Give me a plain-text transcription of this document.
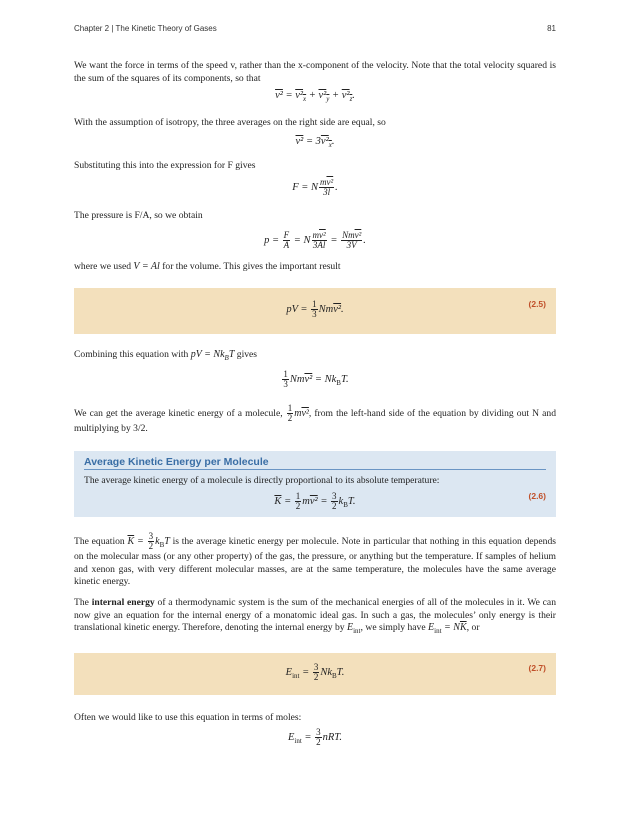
Chapter 2 | The Kinetic Theory of Gases	81

We want the force in terms of the speed v, rather than the x-component of the velocity. Note that the total velocity squared is the sum of the squares of its components, so that

$v^2 = v^2_x + v^2_y + v^2_z$.

With the assumption of isotropy, the three averages on the right side are equal, so

$v^2 = 3v^2_x$.

Substituting this into the expression for F gives

F = N $\frac{\text{mv²}}{3l}$ .

The pressure is F/A, so we obtain

$p = \frac{F}{A} = N \frac{\text{mv²}}{3Al} = Nmv^2$
3V .

where we used V = Al for the volume. This gives the important result

pV = $\frac{1}{3} Nmv^2$.	(2.5)

Combining this equation with pV = $Nk_BT$ gives

$\frac{1}{3} Nmv^2 = Nk_BT$.

We can get the average kinetic energy of a molecule, $\frac{1}{2} mv^2$, from the left-hand side of the equation by dividing out N and multiplying by 3/2.

Average Kinetic Energy per Molecule

The average kinetic energy of a molecule is directly proportional to its absolute temperature:

$\overline{K} = \frac{1}{2} mv^2 = \frac{3}{2} k_BT$.	(2.6)

The equation $\overline{K} = \frac{3}{2} k_BT$ is the average kinetic energy per molecule. Note in particular that nothing in this equation depends on the molecular mass (or any other property) of the gas, the pressure, or anything but the temperature. If samples of helium and xenon gas, with very different molecular masses, are at the same temperature, the molecules have the same average kinetic energy.

The internal energy of a thermodynamic system is the sum of the mechanical energies of all of the molecules in it. We can now give an equation for the internal energy of a monatomic ideal gas. In such a gas, the molecules’ only energy is their translational kinetic energy. Therefore, denoting the internal energy by $E_{int}$, we simply have $E_{int} = N\overline{K}$, or

$E_{int} = \frac{3}{2} Nk_BT$.	(2.7)

Often we would like to use this equation in terms of moles:

$E_{int} = \frac{3}{2}$ nRT.
